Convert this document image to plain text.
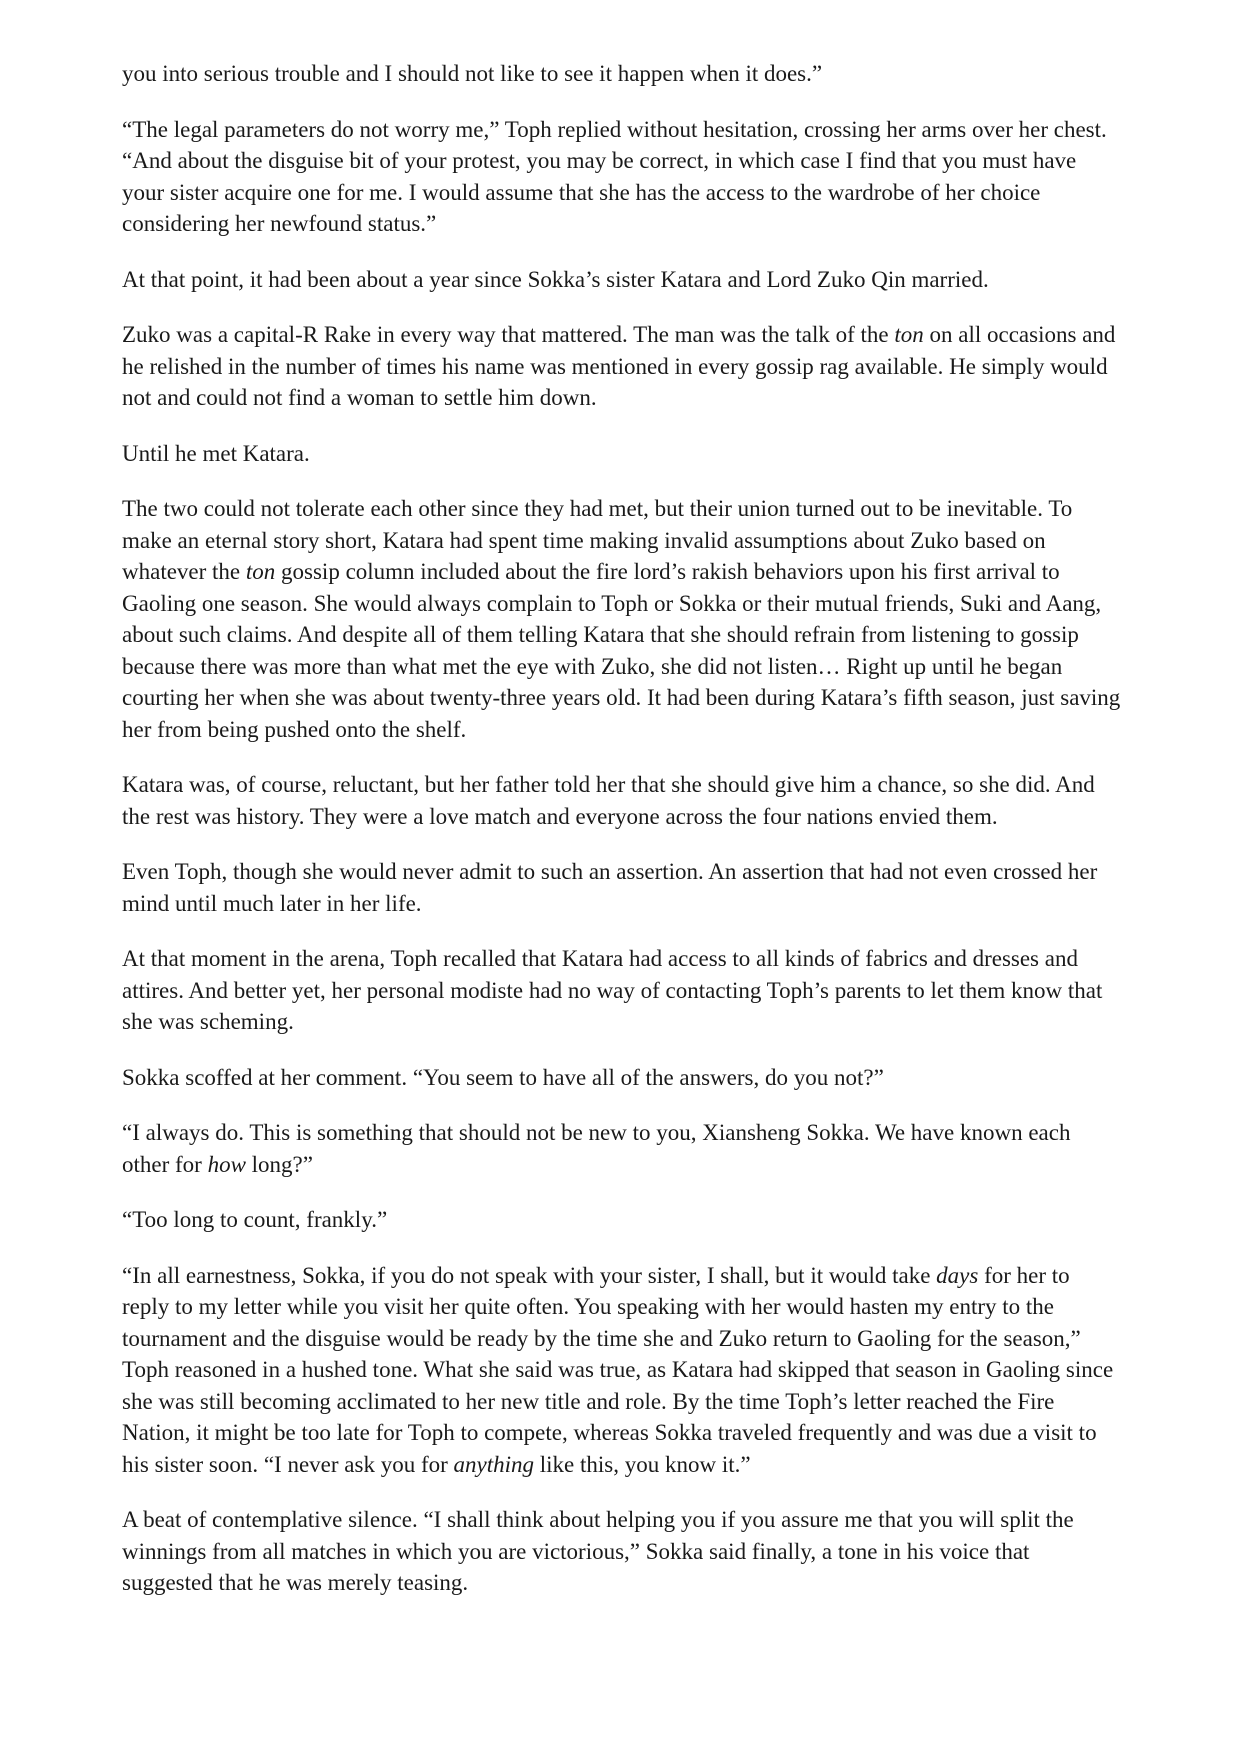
you into serious trouble and I should not like to see it happen when it does.”

“The legal parameters do not worry me,” Toph replied without hesitation, crossing her arms over her chest. “And about the disguise bit of your protest, you may be correct, in which case I find that you must have your sister acquire one for me. I would assume that she has the access to the wardrobe of her choice considering her newfound status.”

At that point, it had been about a year since Sokka’s sister Katara and Lord Zuko Qin married.

Zuko was a capital-R Rake in every way that mattered. The man was the talk of the ton on all occasions and he relished in the number of times his name was mentioned in every gossip rag available. He simply would not and could not find a woman to settle him down.

Until he met Katara.

The two could not tolerate each other since they had met, but their union turned out to be inevitable. To make an eternal story short, Katara had spent time making invalid assumptions about Zuko based on whatever the ton gossip column included about the fire lord’s rakish behaviors upon his first arrival to Gaoling one season. She would always complain to Toph or Sokka or their mutual friends, Suki and Aang, about such claims. And despite all of them telling Katara that she should refrain from listening to gossip because there was more than what met the eye with Zuko, she did not listen… Right up until he began courting her when she was about twenty-three years old. It had been during Katara’s fifth season, just saving her from being pushed onto the shelf.

Katara was, of course, reluctant, but her father told her that she should give him a chance, so she did. And the rest was history. They were a love match and everyone across the four nations envied them.

Even Toph, though she would never admit to such an assertion. An assertion that had not even crossed her mind until much later in her life.

At that moment in the arena, Toph recalled that Katara had access to all kinds of fabrics and dresses and attires. And better yet, her personal modiste had no way of contacting Toph’s parents to let them know that she was scheming.

Sokka scoffed at her comment. “You seem to have all of the answers, do you not?”

“I always do. This is something that should not be new to you, Xiansheng Sokka. We have known each other for how long?”

“Too long to count, frankly.”

“In all earnestness, Sokka, if you do not speak with your sister, I shall, but it would take days for her to reply to my letter while you visit her quite often. You speaking with her would hasten my entry to the tournament and the disguise would be ready by the time she and Zuko return to Gaoling for the season,” Toph reasoned in a hushed tone. What she said was true, as Katara had skipped that season in Gaoling since she was still becoming acclimated to her new title and role. By the time Toph’s letter reached the Fire Nation, it might be too late for Toph to compete, whereas Sokka traveled frequently and was due a visit to his sister soon. “I never ask you for anything like this, you know it.”

A beat of contemplative silence. “I shall think about helping you if you assure me that you will split the winnings from all matches in which you are victorious,” Sokka said finally, a tone in his voice that suggested that he was merely teasing.
